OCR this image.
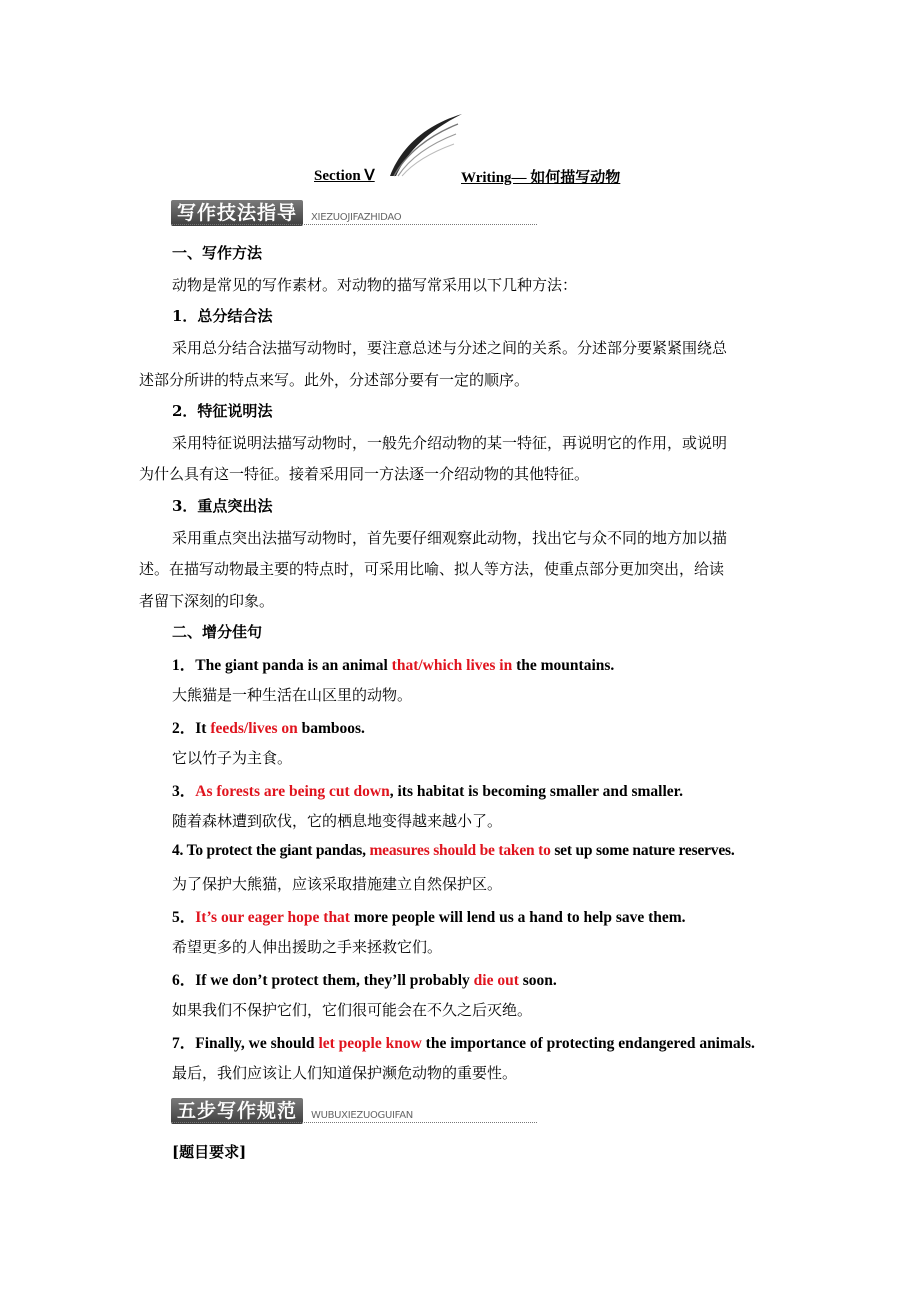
Section Ⅴ	Writing— 如何描写动物
写作技法指导	XIEZUOJIFAZHIDAO
一、写作方法
动物是常见的写作素材。对动物的描写常采用以下几种方法：
1．总分结合法
采用总分结合法描写动物时，要注意总述与分述之间的关系。分述部分要紧紧围绕总
述部分所讲的特点来写。此外，分述部分要有一定的顺序。
2．特征说明法
采用特征说明法描写动物时，一般先介绍动物的某一特征，再说明它的作用，或说明
为什么具有这一特征。接着采用同一方法逐一介绍动物的其他特征。
3．重点突出法
采用重点突出法描写动物时，首先要仔细观察此动物，找出它与众不同的地方加以描
述。在描写动物最主要的特点时，可采用比喻、拟人等方法，使重点部分更加突出，给读
者留下深刻的印象。
二、增分佳句
1．The giant panda is an animal that/which lives in the mountains.
大熊猫是一种生活在山区里的动物。
2．It feeds/lives on bamboos.
它以竹子为主食。
3．As forests are being cut down, its habitat is becoming smaller and smaller.
随着森林遭到砍伐，它的栖息地变得越来越小了。
4. To protect the giant pandas, measures should be taken to set up some nature reserves.
为了保护大熊猫，应该采取措施建立自然保护区。
5．It’s our eager hope that more people will lend us a hand to help save them.
希望更多的人伸出援助之手来拯救它们。
6．If we don’t protect them, they’ll probably die out soon.
如果我们不保护它们，它们很可能会在不久之后灭绝。
7．Finally, we should let people know the importance of protecting endangered animals.
最后，我们应该让人们知道保护濒危动物的重要性。
五步写作规范	WUBUXIEZUOGUIFAN
[题目要求]
